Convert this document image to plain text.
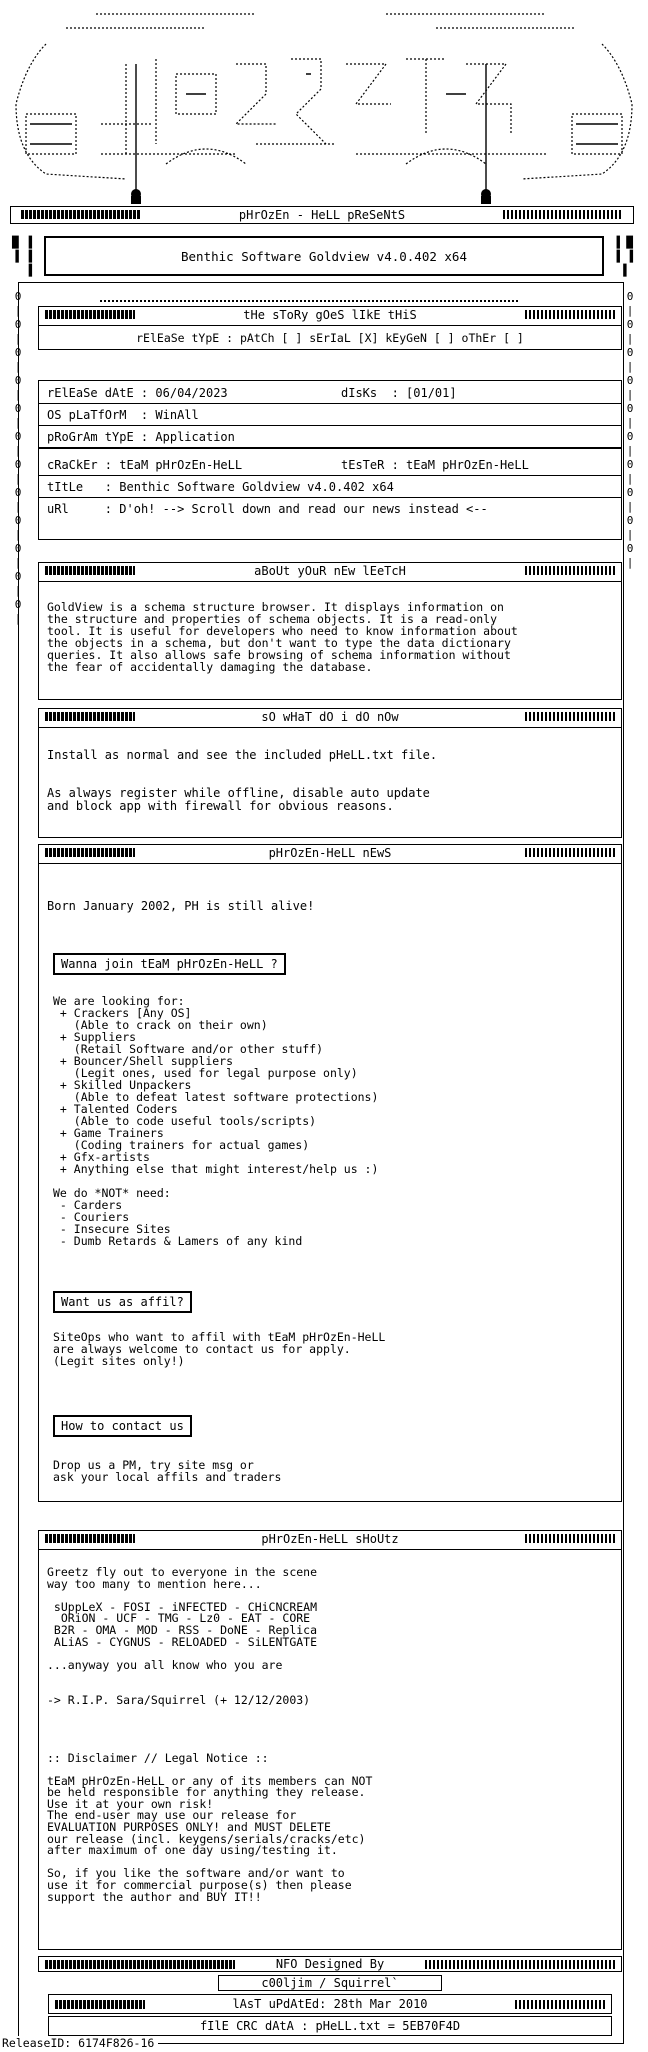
pHrOzEn - HeLL pReSeNtS
Benthic Software Goldview v4.0.402 x64
█ ▐
▐ ▐
▐
▐ █
▐ ▐
▐
0
|
0
|
0
|
0
|
0
|
0
|
0
|
0
|
0
|
0
|
0
|
0
|
0
|
0
|
0
|
0
|
0
|
0
|
0
|
0
|
0
|
0
|
tHe sToRy gOeS lIkE tHiS
rElEaSe tYpE : pAtCh [ ] sErIaL [X] kEyGeN [ ] oThEr [ ]
rElEaSe dAtE : 06/04/2023	dIsKs  : [01/01]
OS pLaTfOrM  : WinAll
pRoGrAm tYpE : Application
cRaCkEr : tEaM pHrOzEn-HeLL	tEsTeR : tEaM pHrOzEn-HeLL
tItLe   : Benthic Software Goldview v4.0.402 x64
uRl     : D'oh! --> Scroll down and read our news instead <--
aBoUt yOuR nEw lEeTcH
GoldView is a schema structure browser. It displays information on
the structure and properties of schema objects. It is a read-only
tool. It is useful for developers who need to know information about
the objects in a schema, but don't want to type the data dictionary
queries. It also allows safe browsing of schema information without
the fear of accidentally damaging the database.
sO wHaT dO i dO nOw
Install as normal and see the included pHeLL.txt file.

As always register while offline, disable auto update
and block app with firewall for obvious reasons.
pHrOzEn-HeLL nEwS
Born January 2002, PH is still alive!
Wanna join tEaM pHrOzEn-HeLL ?
We are looking for:
+ Crackers [Any OS]
(Able to crack on their own)
+ Suppliers
(Retail Software and/or other stuff)
+ Bouncer/Shell suppliers
(Legit ones, used for legal purpose only)
+ Skilled Unpackers
(Able to defeat latest software protections)
+ Talented Coders
(Able to code useful tools/scripts)
+ Game Trainers
(Coding trainers for actual games)
+ Gfx-artists
+ Anything else that might interest/help us :)

We do *NOT* need:
- Carders
- Couriers
- Insecure Sites
- Dumb Retards & Lamers of any kind
Want us as affil?
SiteOps who want to affil with tEaM pHrOzEn-HeLL
are always welcome to contact us for apply.
(Legit sites only!)
How to contact us
Drop us a PM, try site msg or
ask your local affils and traders
pHrOzEn-HeLL sHoUtz
Greetz fly out to everyone in the scene
way too many to mention here...

sUppLeX - FOSI - iNFECTED - CHiCNCREAM
ORiON - UCF - TMG - Lz0 - EAT - CORE
B2R - OMA - MOD - RSS - DoNE - Replica
ALiAS - CYGNUS - RELOADED - SiLENTGATE

...anyway you all know who you are

-> R.I.P. Sara/Squirrel (+ 12/12/2003)

:: Disclaimer // Legal Notice ::

tEaM pHrOzEn-HeLL or any of its members can NOT
be held responsible for anything they release.
Use it at your own risk!
The end-user may use our release for
EVALUATION PURPOSES ONLY! and MUST DELETE
our release (incl. keygens/serials/cracks/etc)
after maximum of one day using/testing it.

So, if you like the software and/or want to
use it for commercial purpose(s) then please
support the author and BUY IT!!
NFO Designed By
c00ljim / Squirrel`
lAsT uPdAtEd: 28th Mar 2010
fIlE CRC dAtA : pHeLL.txt = 5EB70F4D
ReleaseID: 6174F826-16
